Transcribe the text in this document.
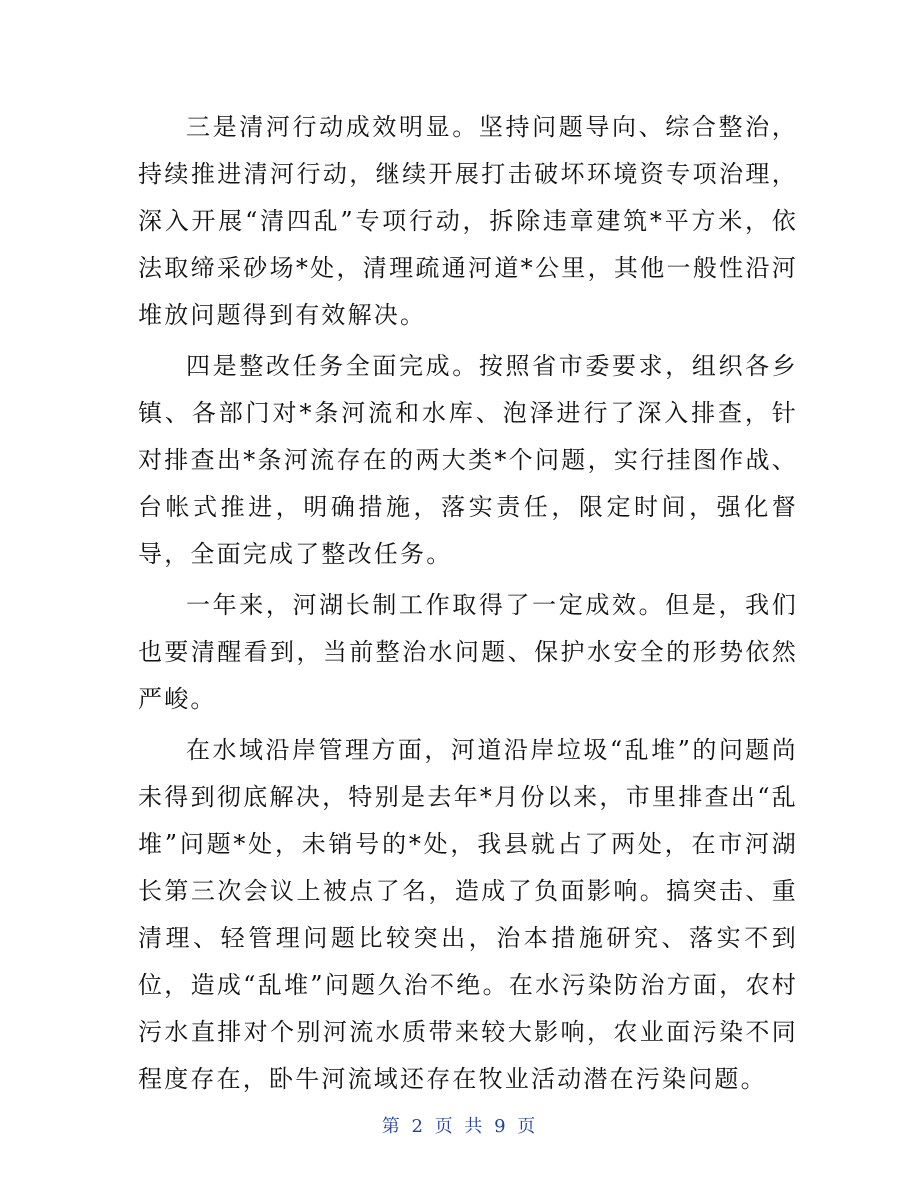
三是清河行动成效明显。坚持问题导向、综合整治，持续推进清河行动，继续开展打击破坏环境资专项治理，深入开展“清四乱”专项行动，拆除违章建筑*平方米，依法取缔采砂场*处，清理疏通河道*公里，其他一般性沿河堆放问题得到有效解决。

四是整改任务全面完成。按照省市委要求，组织各乡镇、各部门对*条河流和水库、泡泽进行了深入排查，针对排查出*条河流存在的两大类*个问题，实行挂图作战、台帐式推进，明确措施，落实责任，限定时间，强化督导，全面完成了整改任务。

一年来，河湖长制工作取得了一定成效。但是，我们也要清醒看到，当前整治水问题、保护水安全的形势依然严峻。

在水域沿岸管理方面，河道沿岸垃圾“乱堆”的问题尚未得到彻底解决，特别是去年*月份以来，市里排查出“乱堆”问题*处，未销号的*处，我县就占了两处，在市河湖长第三次会议上被点了名，造成了负面影响。搞突击、重清理、轻管理问题比较突出，治本措施研究、落实不到位，造成“乱堆”问题久治不绝。在水污染防治方面，农村污水直排对个别河流水质带来较大影响，农业面污染不同程度存在，卧牛河流域还存在牧业活动潜在污染问题。

第 2 页 共 9 页
